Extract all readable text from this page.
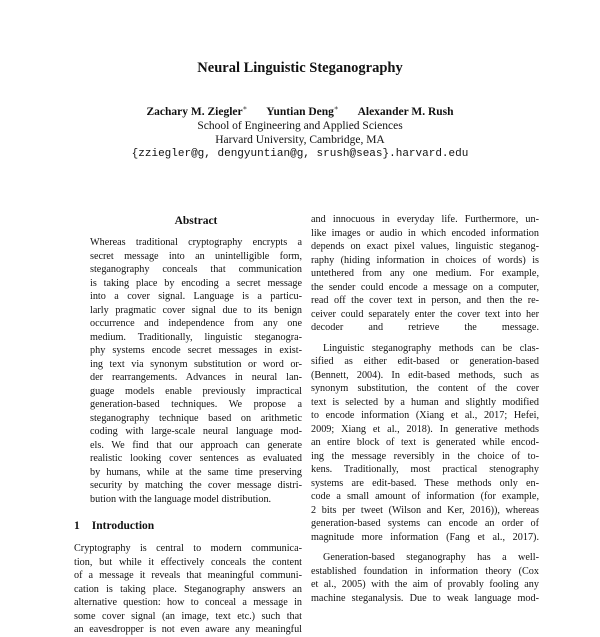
Neural Linguistic Steganography
Zachary M. Ziegler∗ Yuntian Deng∗ Alexander M. Rush
School of Engineering and Applied Sciences
Harvard University, Cambridge, MA
{zziegler@g, dengyuntian@g, srush@seas}.harvard.edu
Abstract
Whereas traditional cryptography encrypts a
secret message into an unintelligible form,
steganography conceals that communication
is taking place by encoding a secret message
into a cover signal. Language is a particu-
larly pragmatic cover signal due to its benign
occurrence and independence from any one
medium. Traditionally, linguistic steganogra-
phy systems encode secret messages in exist-
ing text via synonym substitution or word or-
der rearrangements. Advances in neural lan-
guage models enable previously impractical
generation-based techniques. We propose a
steganography technique based on arithmetic
coding with large-scale neural language mod-
els. We find that our approach can generate
realistic looking cover sentences as evaluated
by humans, while at the same time preserving
security by matching the cover message distri-
bution with the language model distribution.
1 Introduction
Cryptography is central to modern communica-
tion, but while it effectively conceals the content
of a message it reveals that meaningful communi-
cation is taking place. Steganography answers an
alternative question: how to conceal a message in
some cover signal (an image, text etc.) such that
an eavesdropper is not even aware any meaningful
and innocuous in everyday life. Furthermore, un-
like images or audio in which encoded information
depends on exact pixel values, linguistic steganog-
raphy (hiding information in choices of words) is
untethered from any one medium. For example,
the sender could encode a message on a computer,
read off the cover text in person, and then the re-
ceiver could separately enter the cover text into her
decoder and retrieve the message.
Linguistic steganography methods can be clas-
sified as either edit-based or generation-based
(Bennett, 2004). In edit-based methods, such as
synonym substitution, the content of the cover
text is selected by a human and slightly modified
to encode information (Xiang et al., 2017; Hefei,
2009; Xiang et al., 2018). In generative methods
an entire block of text is generated while encod-
ing the message reversibly in the choice of to-
kens. Traditionally, most practical stenography
systems are edit-based. These methods only en-
code a small amount of information (for example,
2 bits per tweet (Wilson and Ker, 2016)), whereas
generation-based systems can encode an order of
magnitude more information (Fang et al., 2017).
Generation-based steganography has a well-
established foundation in information theory (Cox
et al., 2005) with the aim of provably fooling any
machine steganalysis. Due to weak language mod-
